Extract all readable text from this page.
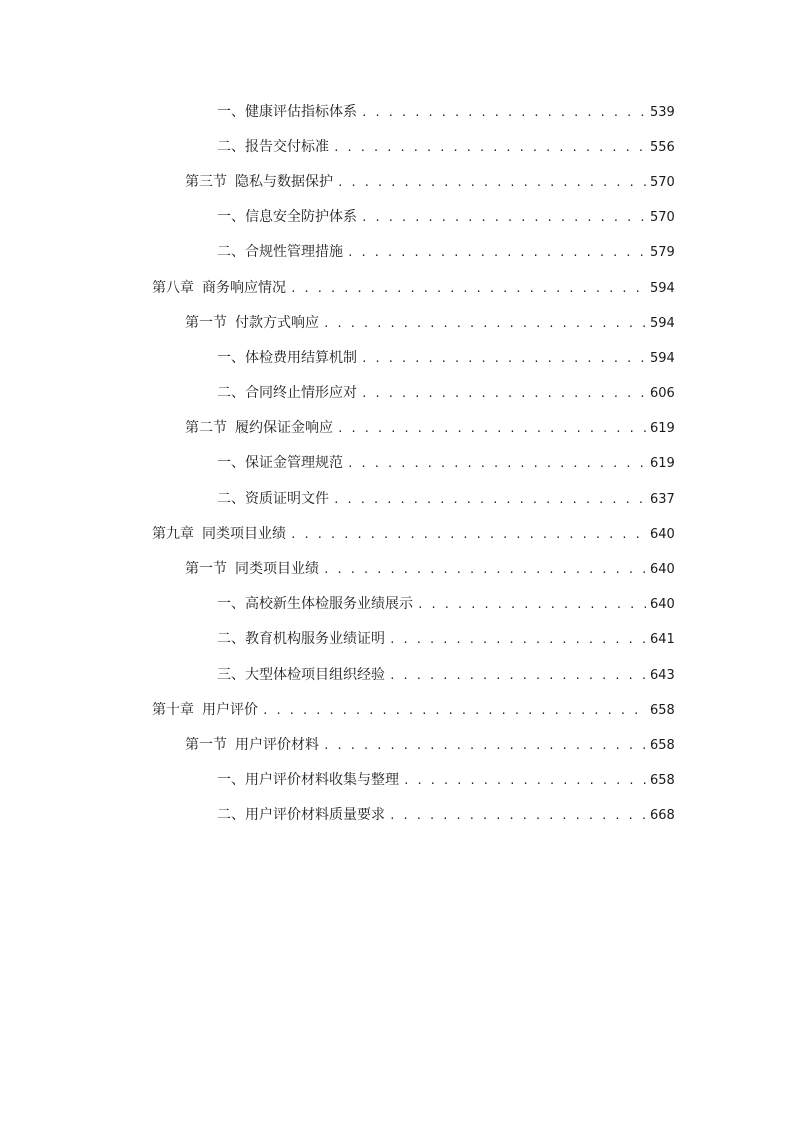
一、 健康评估指标体系 . . .	539
二、 报告交付标准 . . .	556
第三节 隐私与数据保护 . . .	570
一、 信息安全防护体系 . . .	570
二、 合规性管理措施 . . .	579
第八章 商务响应情况 . . .	594
第一节 付款方式响应 . . .	594
一、 体检费用结算机制 . . .	594
二、 合同终止情形应对 . . .	606
第二节 履约保证金响应 . . .	619
一、 保证金管理规范 . . .	619
二、 资质证明文件 . . .	637
第九章 同类项目业绩 . . .	640
第一节 同类项目业绩 . . .	640
一、 高校新生体检服务业绩展示 . . .	640
二、 教育机构服务业绩证明 . . .	641
三、 大型体检项目组织经验 . . .	643
第十章 用户评价 . . .	658
第一节 用户评价材料 . . .	658
一、 用户评价材料收集与整理 . . .	658
二、 用户评价材料质量要求 . . .	668
